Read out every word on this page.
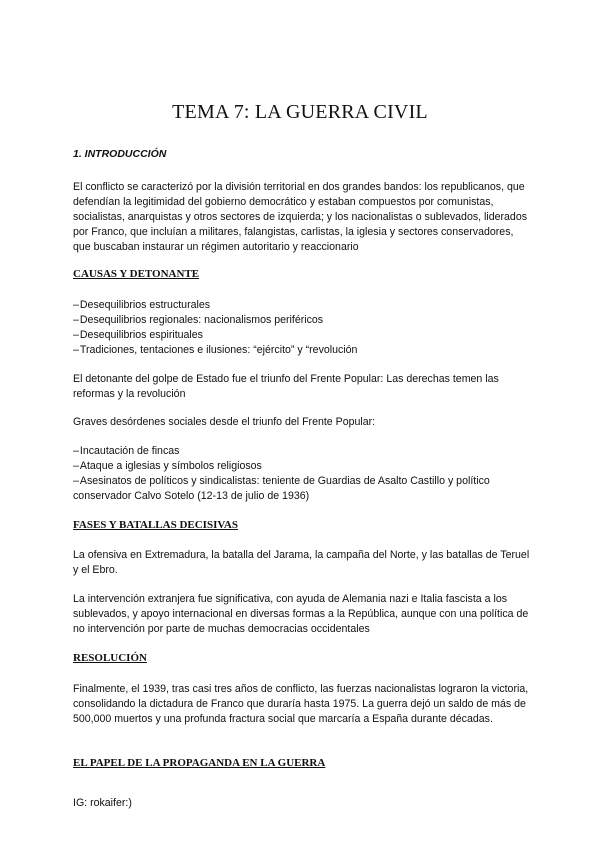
TEMA 7: LA GUERRA CIVIL
1. INTRODUCCIÓN
El conflicto se caracterizó por la división territorial en dos grandes bandos: los republicanos, que defendían la legitimidad del gobierno democrático y estaban compuestos por comunistas, socialistas, anarquistas y otros sectores de izquierda; y los nacionalistas o sublevados, liderados por Franco, que incluían a militares, falangistas, carlistas, la iglesia y sectores conservadores, que buscaban instaurar un régimen autoritario y reaccionario
CAUSAS Y DETONANTE
–Desequilibrios estructurales
–Desequilibrios regionales: nacionalismos periféricos
–Desequilibrios espirituales
–Tradiciones, tentaciones e ilusiones: “ejército” y “revolución
El detonante del golpe de Estado fue el triunfo del Frente Popular: Las derechas temen las reformas y la revolución
Graves desórdenes sociales desde el triunfo del Frente Popular:
–Incautación de fincas
–Ataque a iglesias y símbolos religiosos
–Asesinatos de políticos y sindicalistas: teniente de Guardias de Asalto Castillo y político conservador Calvo Sotelo (12-13 de julio de 1936)
FASES Y BATALLAS DECISIVAS
La ofensiva en Extremadura, la batalla del Jarama, la campaña del Norte, y las batallas de Teruel y el Ebro.
La intervención extranjera fue significativa, con ayuda de Alemania nazi e Italia fascista a los sublevados, y apoyo internacional en diversas formas a la República, aunque con una política de no intervención por parte de muchas democracias occidentales
RESOLUCIÓN
Finalmente, el 1939, tras casi tres años de conflicto, las fuerzas nacionalistas lograron la victoria, consolidando la dictadura de Franco que duraría hasta 1975. La guerra dejó un saldo de más de 500,000 muertos y una profunda fractura social que marcaría a España durante décadas.
EL PAPEL DE LA PROPAGANDA EN LA GUERRA
IG: rokaifer:)
